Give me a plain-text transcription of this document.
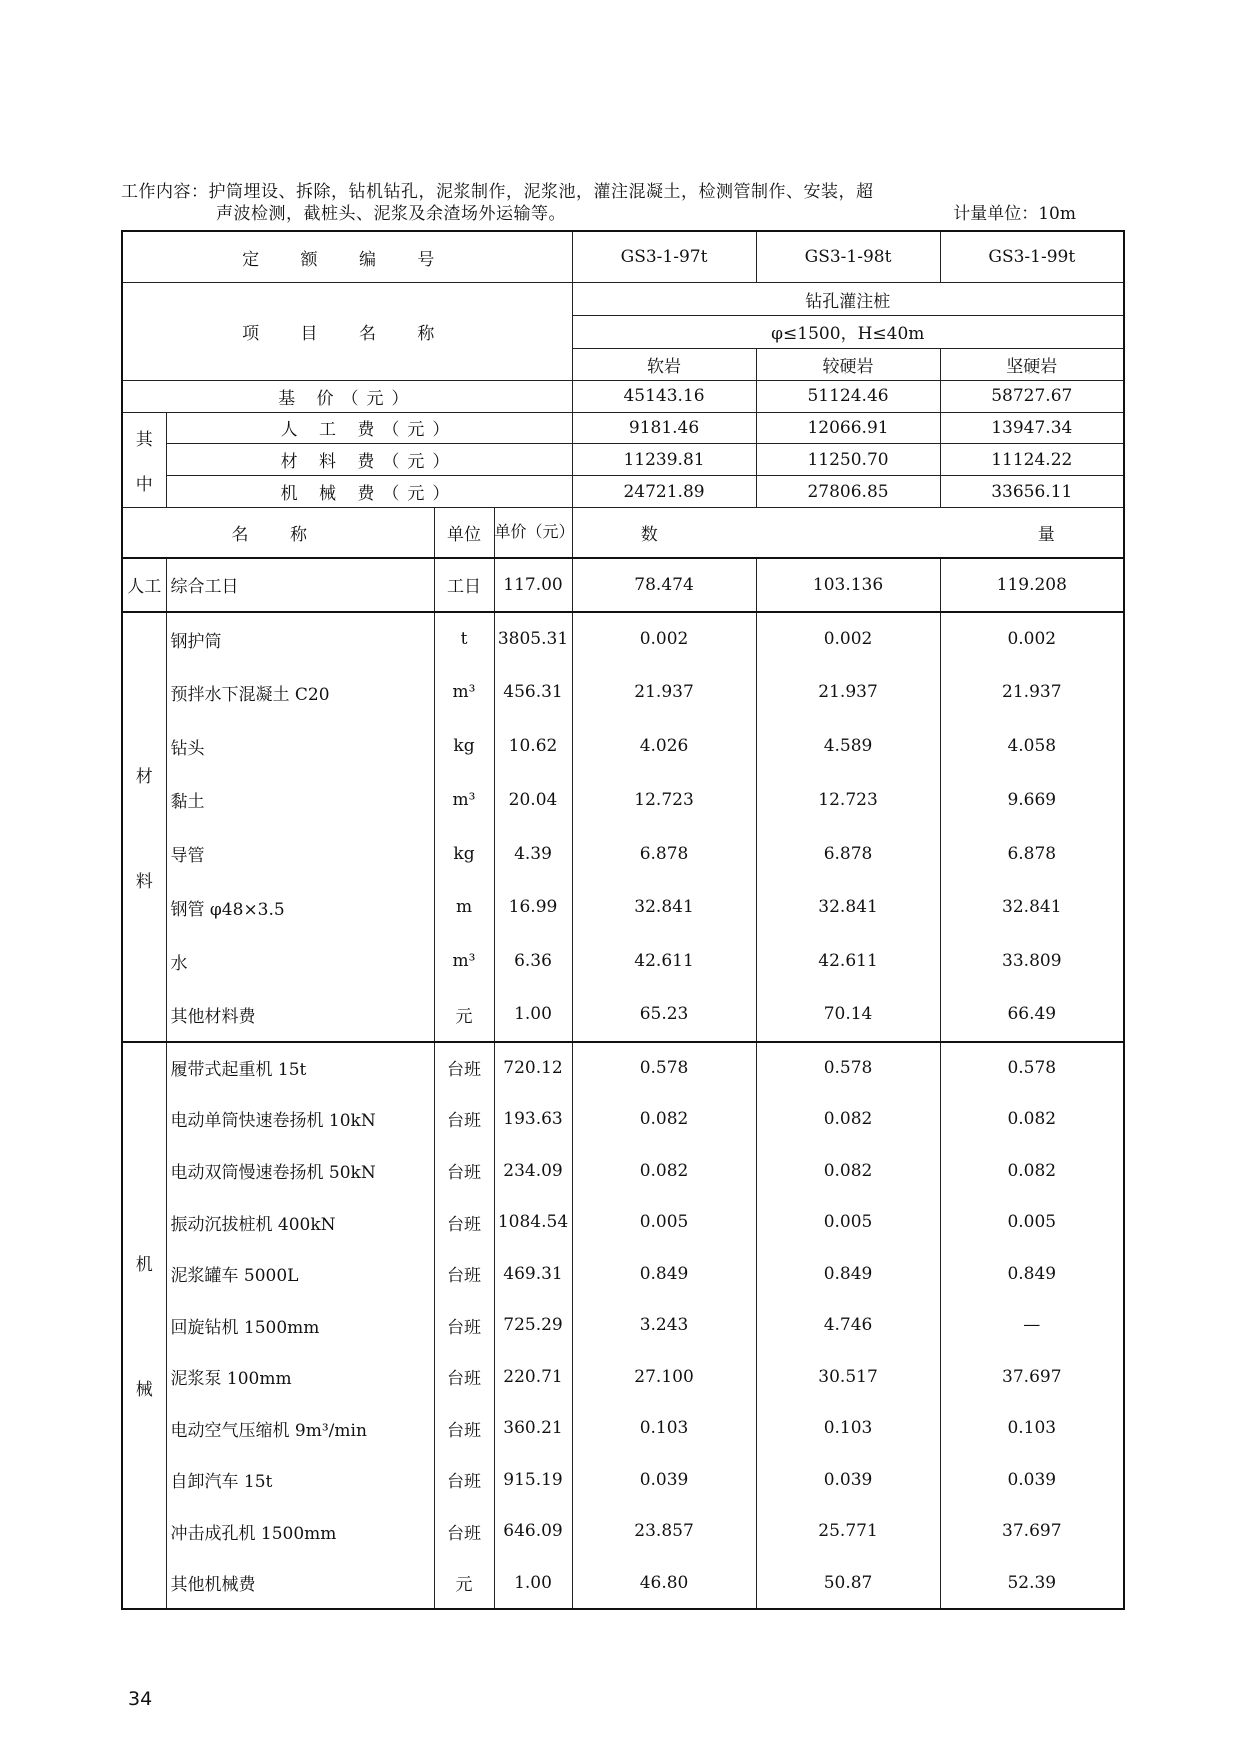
工作内容：护筒埋设、拆除，钻机钻孔，泥浆制作，泥浆池，灌注混凝土，检测管制作、安装，超
声波检测，截桩头、泥浆及余渣场外运输等。	计量单位：10m
定 额 编 号				GS3-1-97t	GS3-1-98t	GS3-1-99t
项 目 名 称				钻孔灌注桩		
				φ≤1500，H≤40m		
				软岩	较硬岩	坚硬岩
基 价（元）				45143.16	51124.46	58727.67
其

中	人 工 费（元）			9181.46	12066.91	13947.34
	材 料 费（元）			11239.81	11250.70	11124.22
	机 械 费（元）			24721.89	27806.85	33656.11
名 称		单位	单价（元）	数 量		
人工	综合工日	工日	117.00	78.474	103.136	119.208
材

料	钢护筒	t	3805.31	0.002	0.002	0.002
	预拌水下混凝土 C20	m³	456.31	21.937	21.937	21.937
	钻头	kg	10.62	4.026	4.589	4.058
	黏土	m³	20.04	12.723	12.723	9.669
	导管	kg	4.39	6.878	6.878	6.878
	钢管 φ48×3.5	m	16.99	32.841	32.841	32.841
	水	m³	6.36	42.611	42.611	33.809
	其他材料费	元	1.00	65.23	70.14	66.49
机

械	履带式起重机 15t	台班	720.12	0.578	0.578	0.578
	电动单筒快速卷扬机 10kN	台班	193.63	0.082	0.082	0.082
	电动双筒慢速卷扬机 50kN	台班	234.09	0.082	0.082	0.082
	振动沉拔桩机 400kN	台班	1084.54	0.005	0.005	0.005
	泥浆罐车 5000L	台班	469.31	0.849	0.849	0.849
	回旋钻机 1500mm	台班	725.29	3.243	4.746	—
	泥浆泵 100mm	台班	220.71	27.100	30.517	37.697
	电动空气压缩机 9m³/min	台班	360.21	0.103	0.103	0.103
	自卸汽车 15t	台班	915.19	0.039	0.039	0.039
	冲击成孔机 1500mm	台班	646.09	23.857	25.771	37.697
	其他机械费	元	1.00	46.80	50.87	52.39
34
